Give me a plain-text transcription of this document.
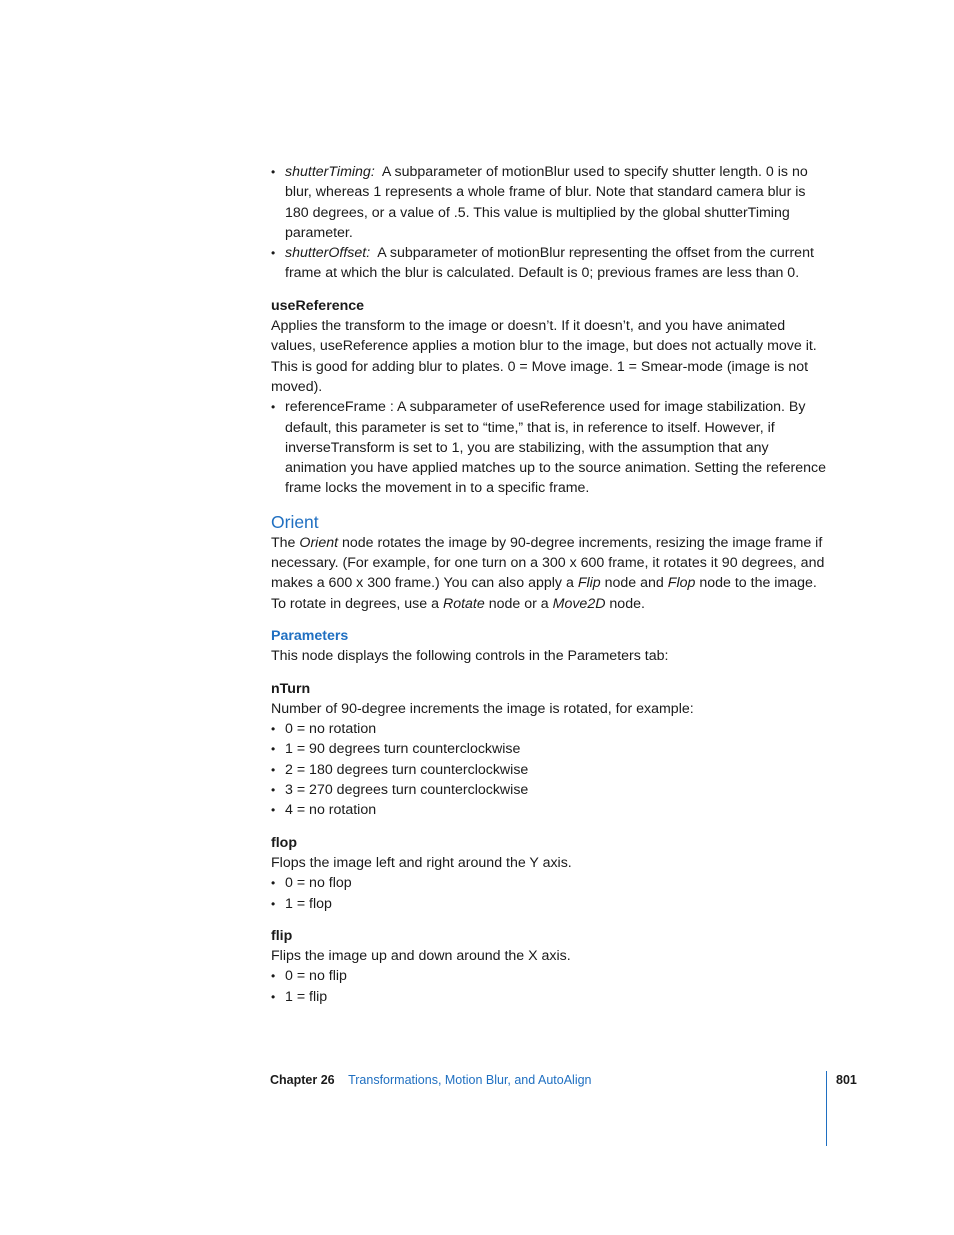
• shutterTiming: A subparameter of motionBlur used to specify shutter length. 0 is no blur, whereas 1 represents a whole frame of blur. Note that standard camera blur is 180 degrees, or a value of .5. This value is multiplied by the global shutterTiming parameter.
• shutterOffset: A subparameter of motionBlur representing the offset from the current frame at which the blur is calculated. Default is 0; previous frames are less than 0.
useReference

Applies the transform to the image or doesn’t. If it doesn’t, and you have animated values, useReference applies a motion blur to the image, but does not actually move it. This is good for adding blur to plates. 0 = Move image. 1 = Smear-mode (image is not moved).

• referenceFrame : A subparameter of useReference used for image stabilization. By default, this parameter is set to “time,” that is, in reference to itself. However, if inverseTransform is set to 1, you are stabilizing, with the assumption that any animation you have applied matches up to the source animation. Setting the reference frame locks the movement in to a specific frame.
Orient

The Orient node rotates the image by 90-degree increments, resizing the image frame if necessary. (For example, for one turn on a 300 x 600 frame, it rotates it 90 degrees, and makes a 600 x 300 frame.) You can also apply a Flip node and Flop node to the image. To rotate in degrees, use a Rotate node or a Move2D node.

Parameters

This node displays the following controls in the Parameters tab:

nTurn

Number of 90-degree increments the image is rotated, for example:

• 0 = no rotation
• 1 = 90 degrees turn counterclockwise
• 2 = 180 degrees turn counterclockwise
• 3 = 270 degrees turn counterclockwise
• 4 = no rotation
flop

Flops the image left and right around the Y axis.

• 0 = no flop
• 1 = flop
flip

Flips the image up and down around the X axis.

• 0 = no flip
• 1 = flip
Chapter 26 Transformations, Motion Blur, and AutoAlign	801
